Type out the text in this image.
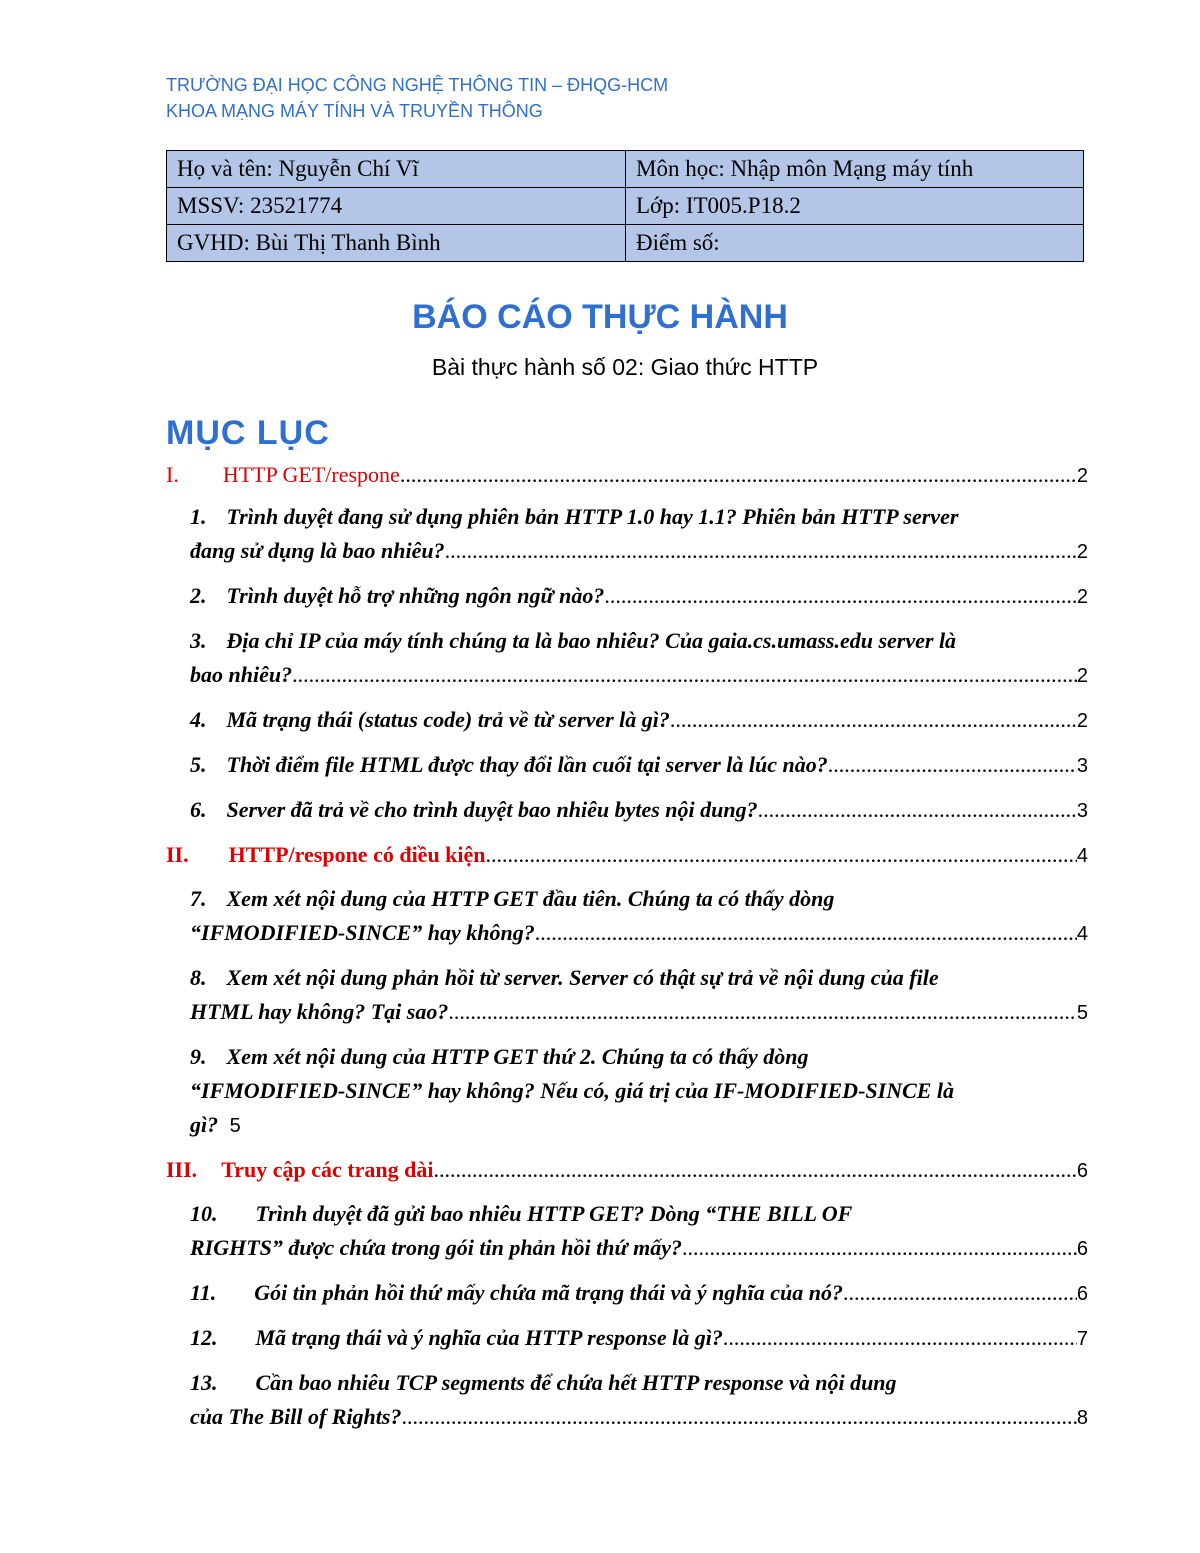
TRƯỜNG ĐẠI HỌC CÔNG NGHỆ THÔNG TIN – ĐHQG-HCM
KHOA MẠNG MÁY TÍNH VÀ TRUYỀN THÔNG
Họ và tên: Nguyễn Chí Vĩ	Môn học: Nhập môn Mạng máy tính
MSSV: 23521774	Lớp: IT005.P18.2
GVHD: Bùi Thị Thanh Bình	Điểm số:
BÁO CÁO THỰC HÀNH
Bài thực hành số 02: Giao thức HTTP
MỤC LỤC
I. HTTP GET/respone .....	2
1. Trình duyệt đang sử dụng phiên bản HTTP 1.0 hay 1.1? Phiên bản HTTP server
đang sử dụng là bao nhiêu? .....	2
2. Trình duyệt hỗ trợ những ngôn ngữ nào? .....	2
3. Địa chỉ IP của máy tính chúng ta là bao nhiêu? Của gaia.cs.umass.edu server là
bao nhiêu? .....	2
4. Mã trạng thái (status code) trả về từ server là gì? .....	2
5. Thời điểm file HTML được thay đổi lần cuối tại server là lúc nào? .....	3
6. Server đã trả về cho trình duyệt bao nhiêu bytes nội dung? .....	3
II. HTTP/respone có điều kiện .....	4
7. Xem xét nội dung của HTTP GET đầu tiên. Chúng ta có thấy dòng
“IFMODIFIED-SINCE” hay không? .....	4
8. Xem xét nội dung phản hồi từ server. Server có thật sự trả về nội dung của file
HTML hay không? Tại sao? .....	5
9. Xem xét nội dung của HTTP GET thứ 2. Chúng ta có thấy dòng
“IFMODIFIED-SINCE” hay không? Nếu có, giá trị của IF-MODIFIED-SINCE là
gì? 5
III. Truy cập các trang dài .....	6
10. Trình duyệt đã gửi bao nhiêu HTTP GET? Dòng “THE BILL OF
RIGHTS” được chứa trong gói tin phản hồi thứ mấy? .....	6
11. Gói tin phản hồi thứ mấy chứa mã trạng thái và ý nghĩa của nó? .....	6
12. Mã trạng thái và ý nghĩa của HTTP response là gì? .....	7
13. Cần bao nhiêu TCP segments để chứa hết HTTP response và nội dung
của The Bill of Rights? .....	8
